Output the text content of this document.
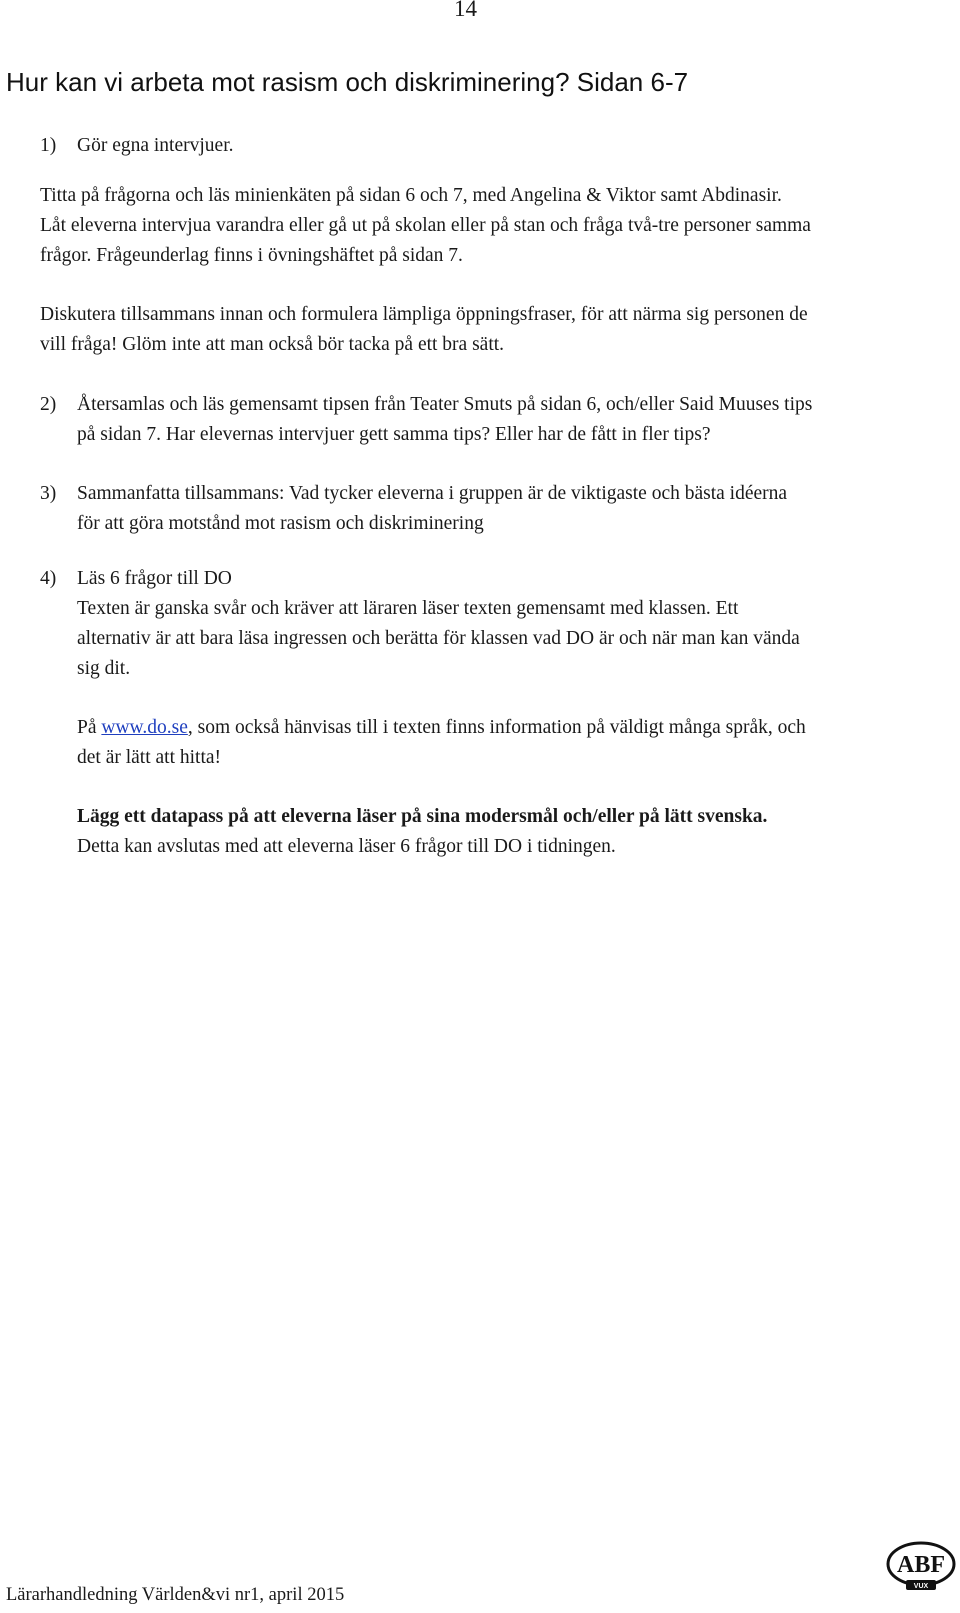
14
Hur kan vi arbeta mot rasism och diskriminering? Sidan 6-7
1) Gör egna intervjuer.
Titta på frågorna och läs minienkäten på sidan 6 och 7, med Angelina & Viktor samt Abdinasir.
Låt eleverna intervjua varandra eller gå ut på skolan eller på stan och fråga två-tre personer samma
frågor. Frågeunderlag finns i övningshäftet på sidan 7.
Diskutera tillsammans innan och formulera lämpliga öppningsfraser, för att närma sig personen de
vill fråga! Glöm inte att man också bör tacka på ett bra sätt.
2) Återsamlas och läs gemensamt tipsen från Teater Smuts på sidan 6, och/eller Said Muuses tips
på sidan 7. Har elevernas intervjuer gett samma tips? Eller har de fått in fler tips?
3) Sammanfatta tillsammans: Vad tycker eleverna i gruppen är de viktigaste och bästa idéerna
för att göra motstånd mot rasism och diskriminering
4) Läs 6 frågor till DO
Texten är ganska svår och kräver att läraren läser texten gemensamt med klassen. Ett
alternativ är att bara läsa ingressen och berätta för klassen vad DO är och när man kan vända
sig dit.
På www.do.se, som också hänvisas till i texten finns information på väldigt många språk, och
det är lätt att hitta!
Lägg ett datapass på att eleverna läser på sina modersmål och/eller på lätt svenska.
Detta kan avslutas med att eleverna läser 6 frågor till DO i tidningen.
Lärarhandledning Världen&vi nr1, april 2015
ABF
VUX
